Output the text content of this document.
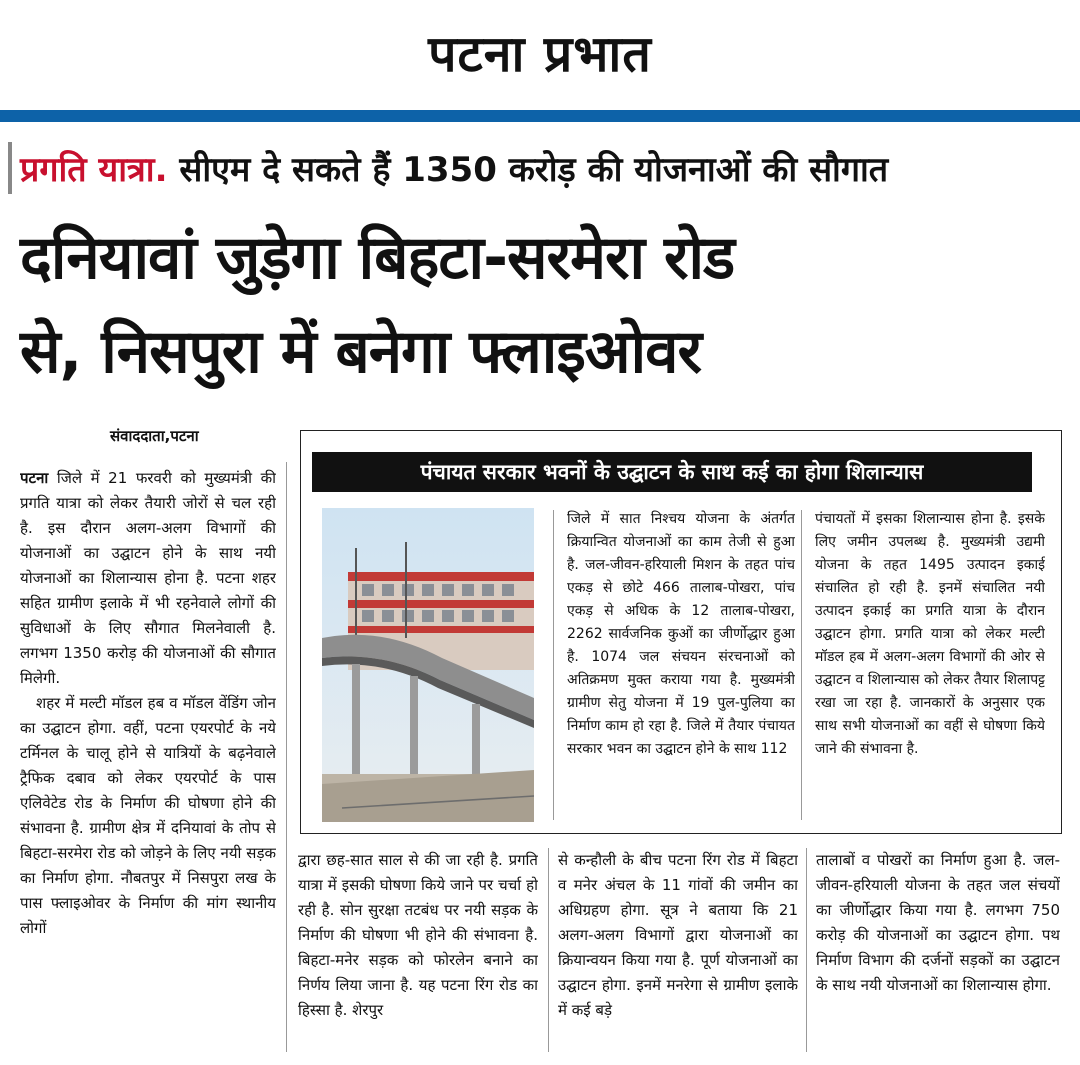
पटना प्रभात
प्रगति यात्रा. सीएम दे सकते हैं 1350 करोड़ की योजनाओं की सौगात
दनियावां जुड़ेगा बिहटा-सरमेरा रोड
से, निसपुरा में बनेगा फ्लाइओवर
संवाददाता,पटना
पटना जिले में 21 फरवरी को मुख्यमंत्री की प्रगति यात्रा को लेकर तैयारी जोरों से चल रही है. इस दौरान अलग-अलग विभागों की योजनाओं का उद्घाटन होने के साथ नयी योजनाओं का शिलान्यास होना है. पटना शहर सहित ग्रामीण इलाके में भी रहनेवाले लोगों की सुविधाओं के लिए सौगात मिलनेवाली है. लगभग 1350 करोड़ की योजनाओं की सौगात मिलेगी.
शहर में मल्टी मॉडल हब व मॉडल वेंडिंग जोन का उद्घाटन होगा. वहीं, पटना एयरपोर्ट के नये टर्मिनल के चालू होने से यात्रियों के बढ़नेवाले ट्रैफिक दबाव को लेकर एयरपोर्ट के पास एलिवेटेड रोड के निर्माण की घोषणा होने की संभावना है. ग्रामीण क्षेत्र में दनियावां के तोप से बिहटा-सरमेरा रोड को जोड़ने के लिए नयी सड़क का निर्माण होगा. नौबतपुर में निसपुरा लख के पास फ्लाइओवर के निर्माण की मांग स्थानीय लोगों
पंचायत सरकार भवनों के उद्घाटन के साथ कई का होगा शिलान्यास
जिले में सात निश्चय योजना के अंतर्गत क्रियान्वित योजनाओं का काम तेजी से हुआ है. जल-जीवन-हरियाली मिशन के तहत पांच एकड़ से छोटे 466 तालाब-पोखरा, पांच एकड़ से अधिक के 12 तालाब-पोखरा, 2262 सार्वजनिक कुओं का जीर्णोद्धार हुआ है. 1074 जल संचयन संरचनाओं को अतिक्रमण मुक्त कराया गया है. मुख्यमंत्री ग्रामीण सेतु योजना में 19 पुल-पुलिया का निर्माण काम हो रहा है. जिले में तैयार पंचायत सरकार भवन का उद्घाटन होने के साथ 112
पंचायतों में इसका शिलान्यास होना है. इसके लिए जमीन उपलब्ध है. मुख्यमंत्री उद्यमी योजना के तहत 1495 उत्पादन इकाई संचालित हो रही है. इनमें संचालित नयी उत्पादन इकाई का प्रगति यात्रा के दौरान उद्घाटन होगा. प्रगति यात्रा को लेकर मल्टी मॉडल हब में अलग-अलग विभागों की ओर से उद्घाटन व शिलान्यास को लेकर तैयार शिलापट्ट रखा जा रहा है. जानकारों के अनुसार एक साथ सभी योजनाओं का वहीं से घोषणा किये जाने की संभावना है.
द्वारा छह-सात साल से की जा रही है. प्रगति यात्रा में इसकी घोषणा किये जाने पर चर्चा हो रही है. सोन सुरक्षा तटबंध पर नयी सड़क के निर्माण की घोषणा भी होने की संभावना है. बिहटा-मनेर सड़क को फोरलेन बनाने का निर्णय लिया जाना है. यह पटना रिंग रोड का हिस्सा है. शेरपुर
से कन्हौली के बीच पटना रिंग रोड में बिहटा व मनेर अंचल के 11 गांवों की जमीन का अधिग्रहण होगा. सूत्र ने बताया कि 21 अलग-अलग विभागों द्वारा योजनाओं का क्रियान्वयन किया गया है. पूर्ण योजनाओं का उद्घाटन होगा. इनमें मनरेगा से ग्रामीण इलाके में कई बड़े
तालाबों व पोखरों का निर्माण हुआ है. जल-जीवन-हरियाली योजना के तहत जल संचयों का जीर्णोद्धार किया गया है. लगभग 750 करोड़ की योजनाओं का उद्घाटन होगा. पथ निर्माण विभाग की दर्जनों सड़कों का उद्घाटन के साथ नयी योजनाओं का शिलान्यास होगा.
